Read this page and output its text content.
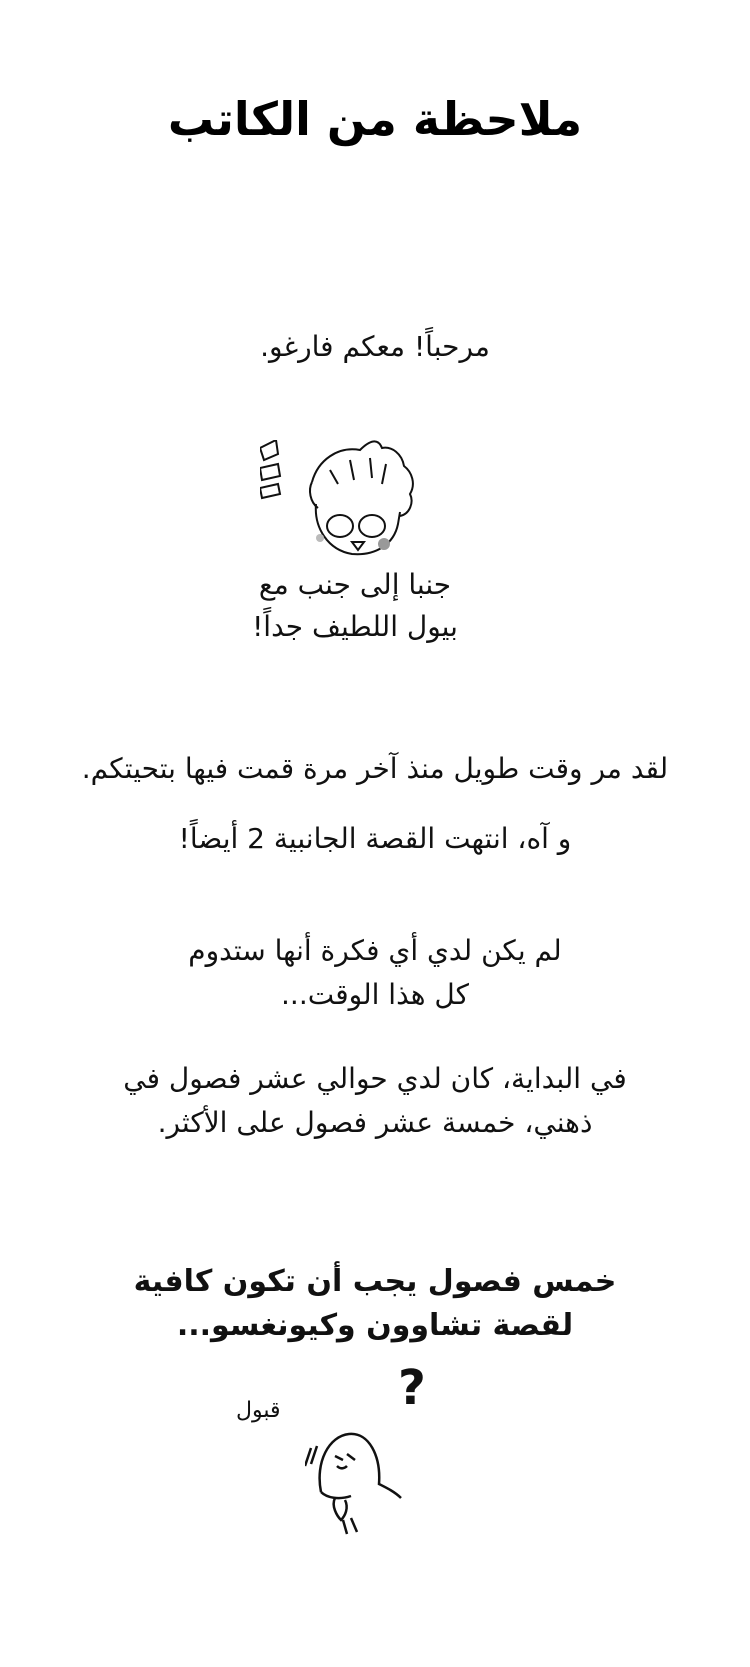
ملاحظة من الكاتب
مرحباً! معكم فارغو.
جنبا إلى جنب مع
بيول اللطيف جداً!
لقد مر وقت طويل منذ آخر مرة قمت فيها بتحيتكم.
و آه، انتهت القصة الجانبية 2 أيضاً!
لم يكن لدي أي فكرة أنها ستدوم
كل هذا الوقت...
في البداية، كان لدي حوالي عشر فصول في
ذهني، خمسة عشر فصول على الأكثر.
خمس فصول يجب أن تكون كافية
لقصة تشاوون وكيونغسو...
قبول ?
